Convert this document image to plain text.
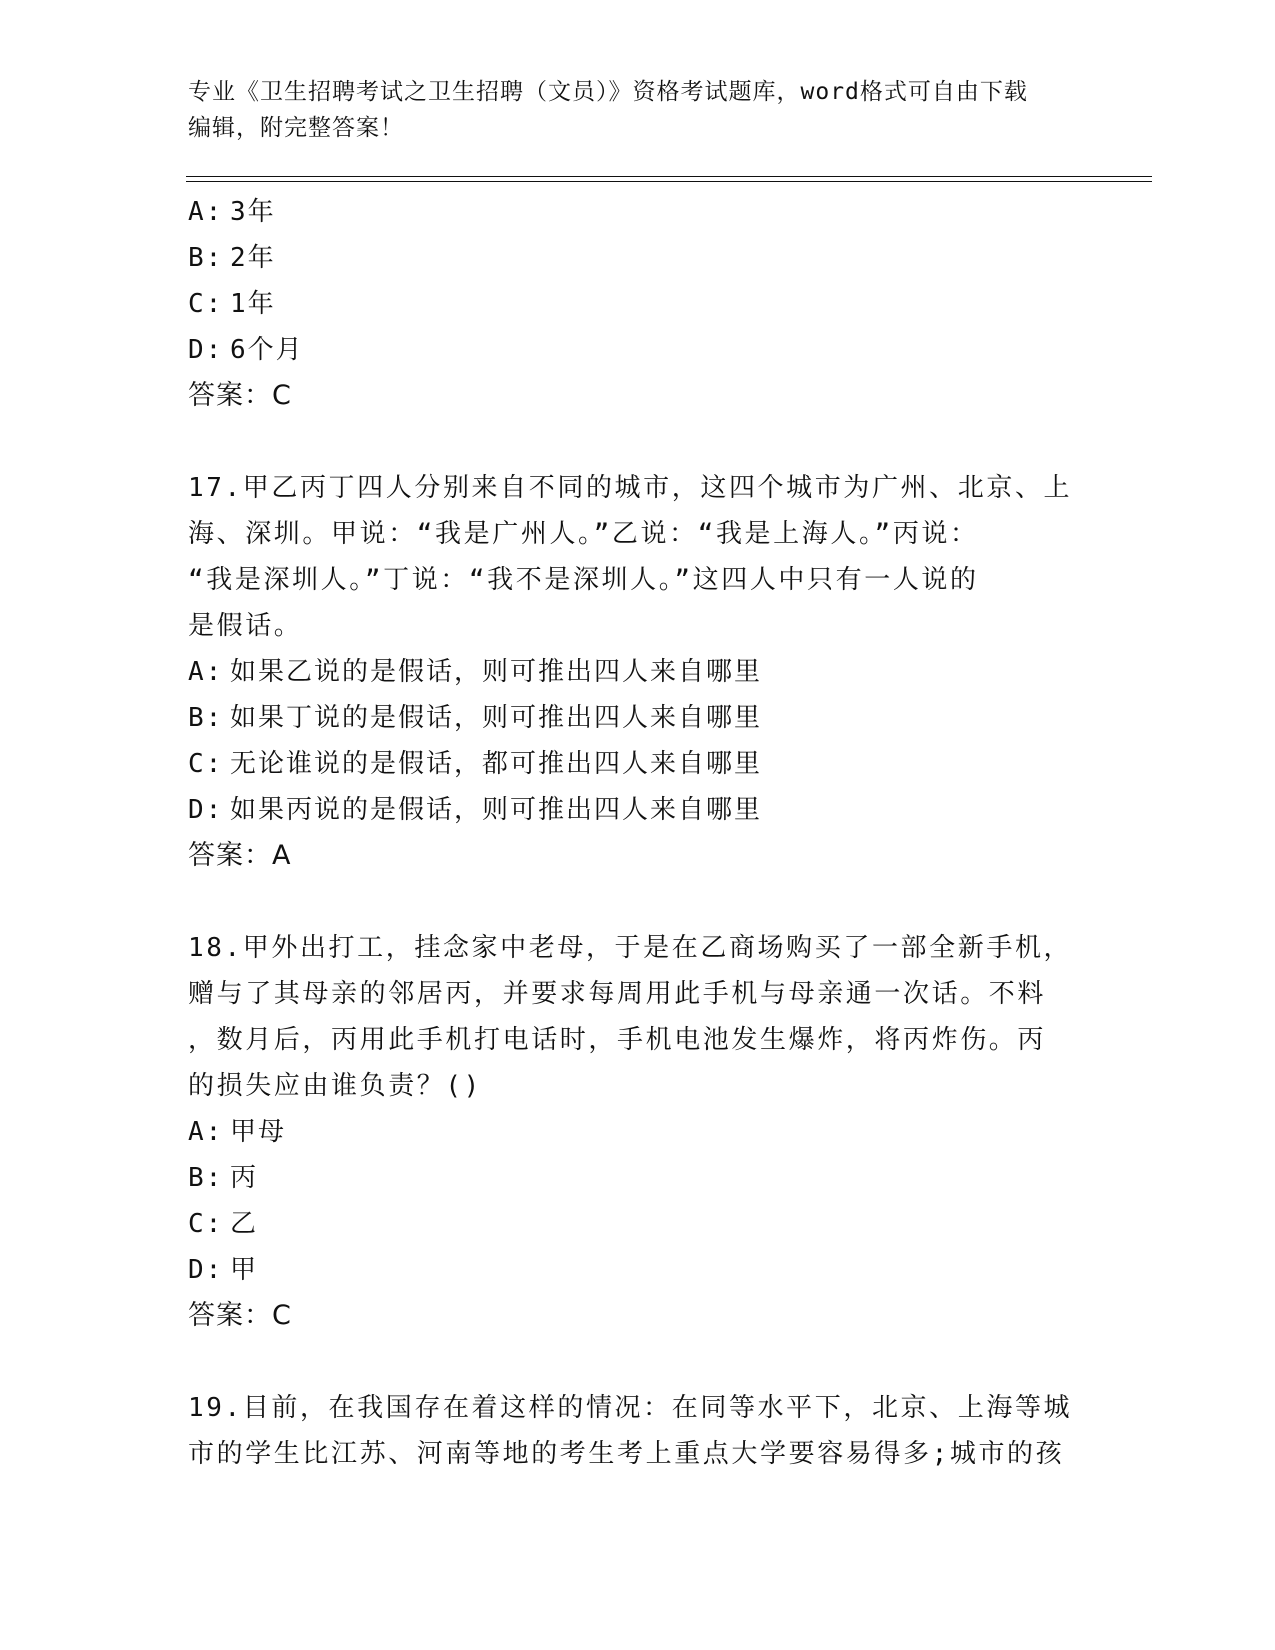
专业《卫生招聘考试之卫生招聘（文员）》资格考试题库，word格式可自由下载
编辑，附完整答案！
A: 3年
B: 2年
C: 1年
D: 6个月
答案：C
17.甲乙丙丁四人分别来自不同的城市，这四个城市为广州、北京、上
海、深圳。甲说：“我是广州人。”乙说：“我是上海人。”丙说：
“我是深圳人。”丁说：“我不是深圳人。”这四人中只有一人说的
是假话。
A: 如果乙说的是假话，则可推出四人来自哪里
B: 如果丁说的是假话，则可推出四人来自哪里
C: 无论谁说的是假话，都可推出四人来自哪里
D: 如果丙说的是假话，则可推出四人来自哪里
答案：A
18.甲外出打工，挂念家中老母，于是在乙商场购买了一部全新手机，
赠与了其母亲的邻居丙，并要求每周用此手机与母亲通一次话。不料
，数月后，丙用此手机打电话时，手机电池发生爆炸，将丙炸伤。丙
的损失应由谁负责？()
A: 甲母
B: 丙
C: 乙
D: 甲
答案：C
19.目前，在我国存在着这样的情况：在同等水平下，北京、上海等城
市的学生比江苏、河南等地的考生考上重点大学要容易得多;城市的孩
